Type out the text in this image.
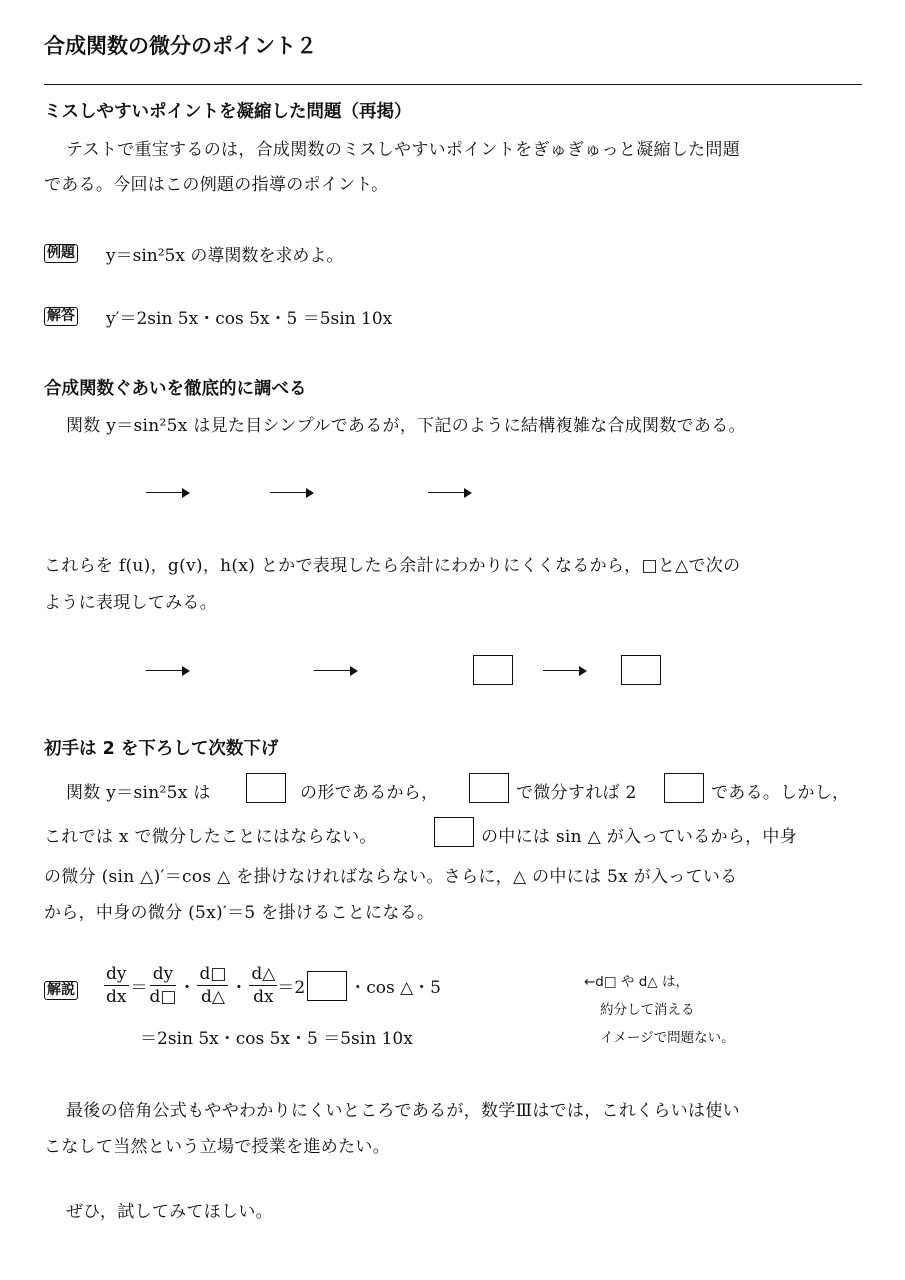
合成関数の微分のポイント２
ミスしやすいポイントを凝縮した問題（再掲）
テストで重宝するのは，合成関数のミスしやすいポイントをぎゅぎゅっと凝縮した問題
である。今回はこの例題の指導のポイント。
例題 y＝sin²5x の導関数を求めよ。
解答 y′＝2sin 5x・cos 5x・5 ＝5sin 10x
合成関数ぐあいを徹底的に調べる
関数 y＝sin²5x は見た目シンプルであるが，下記のように結構複雑な合成関数である。
これらを f(u)，g(v)，h(x) とかで表現したら余計にわかりにくくなるから，□と△で次の
ように表現してみる。
初手は 2 を下ろして次数下げ
関数 y＝sin²5x は	の形であるから，	で微分すれば 2	である。しかし，
これでは x で微分したことにはならない。	の中には sin △ が入っているから，中身
の微分 (sin △)′＝cos △ を掛けなければならない。さらに，△ の中には 5x が入っている
から，中身の微分 (5x)′＝5 を掛けることになる。
解説 $\frac{dy}{dx} = \frac{dy}{d□}$ ・ $\frac{d□}{d\triangle}$ ・ $\frac{d\triangle}{dx} =2$	・cos △・5
＝2sin 5x・cos 5x・5 ＝5sin 10x
←d□ や d△ は，
約分して消える
イメージで問題ない。
最後の倍角公式もややわかりにくいところであるが，数学Ⅲはでは，これくらいは使い
こなして当然という立場で授業を進めたい。
ぜひ，試してみてほしい。
